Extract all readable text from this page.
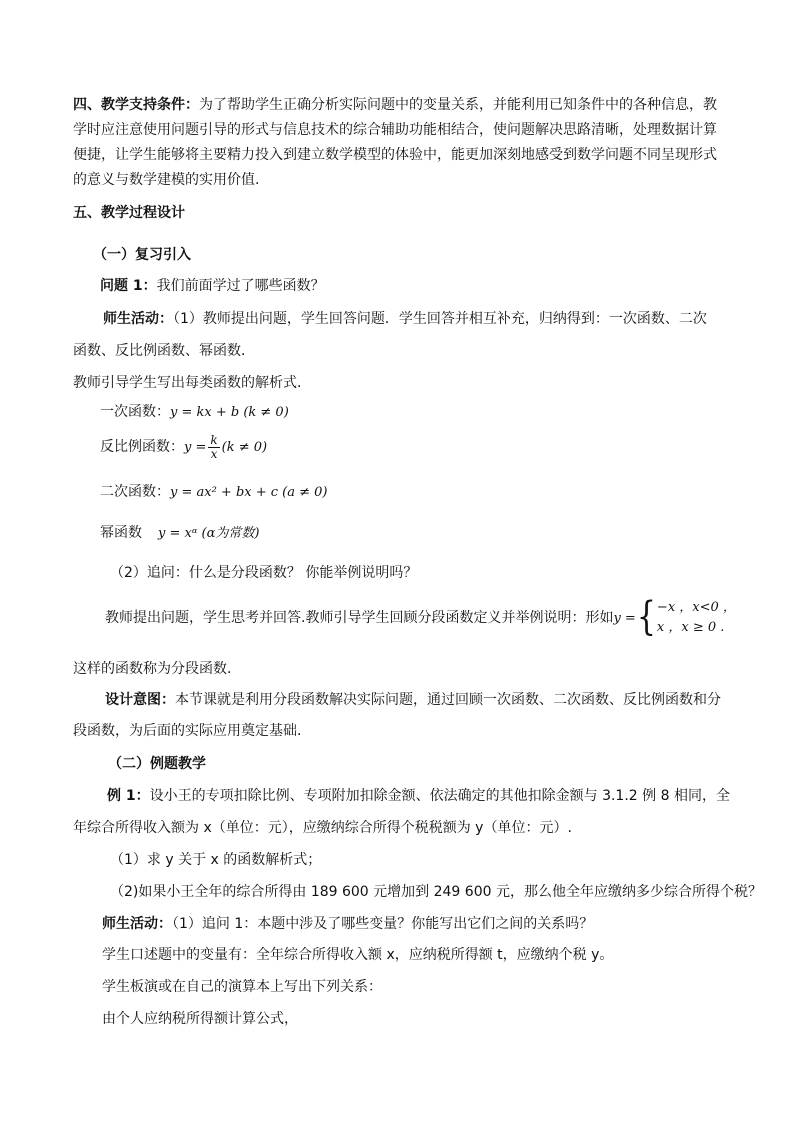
四、教学支持条件：为了帮助学生正确分析实际问题中的变量关系，并能利用已知条件中的各种信息，教
学时应注意使用问题引导的形式与信息技术的综合辅助功能相结合，使问题解决思路清晰，处理数据计算
便捷，让学生能够将主要精力投入到建立数学模型的体验中，能更加深刻地感受到数学问题不同呈现形式
的意义与数学建模的实用价值.
五、教学过程设计
（一）复习引入
问题 1：我们前面学过了哪些函数？
师生活动：（1）教师提出问题，学生回答问题．学生回答并相互补充，归纳得到：一次函数、二次
函数、反比例函数、幂函数．
教师引导学生写出每类函数的解析式．
一次函数：y = kx + b (k ≠ 0)
反比例函数：$y = \frac{k}{x} (k \ne 0)$
二次函数：y = ax² + bx + c (a ≠ 0)
幂函数 y = xᵅ (α为常数)
（2）追问：什么是分段函数？ 你能举例说明吗？
教师提出问题，学生思考并回答.教师引导学生回顾分段函数定义并举例说明：形如y ={ −x ，x<0 ，
x ，x ≥ 0 .
这样的函数称为分段函数．
设计意图：本节课就是利用分段函数解决实际问题，通过回顾一次函数、二次函数、反比例函数和分
段函数，为后面的实际应用奠定基础．
（二）例题教学
例 1：设小王的专项扣除比例、专项附加扣除金额、依法确定的其他扣除金额与 3.1.2 例 8 相同，全
年综合所得收入额为 x（单位：元），应缴纳综合所得个税税额为 y（单位：元）.
（1）求 y 关于 x 的函数解析式；
（2)如果小王全年的综合所得由 189 600 元增加到 249 600 元，那么他全年应缴纳多少综合所得个税？
师生活动：（1）追问 1：本题中涉及了哪些变量？你能写出它们之间的关系吗？
学生口述题中的变量有：全年综合所得收入额 x，应纳税所得额 t，应缴纳个税 y。
学生板演或在自己的演算本上写出下列关系：
由个人应纳税所得额计算公式，
